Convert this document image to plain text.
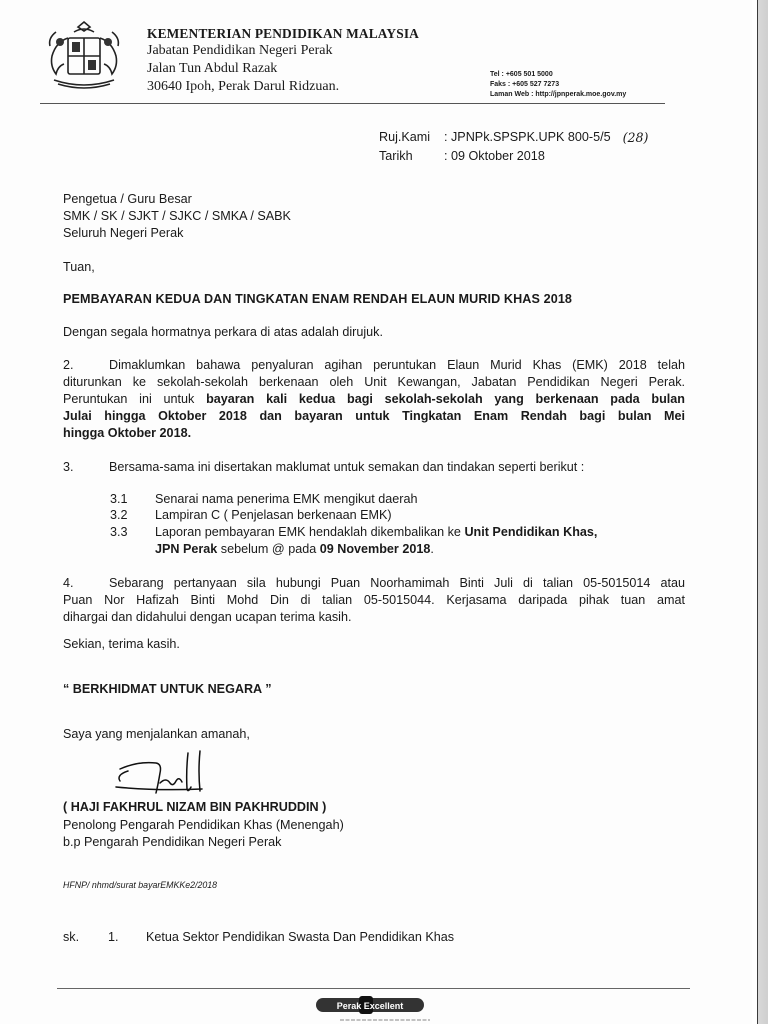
KEMENTERIAN PENDIDIKAN MALAYSIA
Jabatan Pendidikan Negeri Perak
Jalan Tun Abdul Razak
30640 Ipoh, Perak Darul Ridzuan.
Tel : +605 501 5000
Faks : +605 527 7273
Laman Web : http://jpnperak.moe.gov.my
Ruj.Kami	: JPNPk.SPSPK.UPK 800-5/5 (28)
Tarikh	: 09 Oktober 2018
Pengetua / Guru Besar
SMK / SK / SJKT / SJKC / SMKA / SABK
Seluruh Negeri Perak
Tuan,
PEMBAYARAN KEDUA DAN TINGKATAN ENAM RENDAH ELAUN MURID KHAS 2018
Dengan segala hormatnya perkara di atas adalah dirujuk.
2.	Dimaklumkan bahawa penyaluran agihan peruntukan Elaun Murid Khas (EMK) 2018 telah
diturunkan ke sekolah-sekolah berkenaan oleh Unit Kewangan, Jabatan Pendidikan Negeri Perak.
Peruntukan ini untuk bayaran kali kedua bagi sekolah-sekolah yang berkenaan pada bulan
Julai hingga Oktober 2018 dan bayaran untuk Tingkatan Enam Rendah bagi bulan Mei
hingga Oktober 2018.
3.	Bersama-sama ini disertakan maklumat untuk semakan dan tindakan seperti berikut :
3.1 Senarai nama penerima EMK mengikut daerah
3.2 Lampiran C ( Penjelasan berkenaan EMK)
3.3 Laporan pembayaran EMK hendaklah dikembalikan ke Unit Pendidikan Khas,
JPN Perak sebelum @ pada 09 November 2018.
4.	Sebarang pertanyaan sila hubungi Puan Noorhamimah Binti Juli di talian 05-5015014 atau
Puan Nor Hafizah Binti Mohd Din di talian 05-5015044. Kerjasama daripada pihak tuan amat
dihargai dan didahului dengan ucapan terima kasih.
Sekian, terima kasih.
“ BERKHIDMAT UNTUK NEGARA ”
Saya yang menjalankan amanah,
( HAJI FAKHRUL NIZAM BIN PAKHRUDDIN )
Penolong Pengarah Pendidikan Khas (Menengah)
b.p Pengarah Pendidikan Negeri Perak
HFNP/ nhmd/surat bayarEMKKe2/2018
sk. 1. Ketua Sektor Pendidikan Swasta Dan Pendidikan Khas
Perak Excellent
